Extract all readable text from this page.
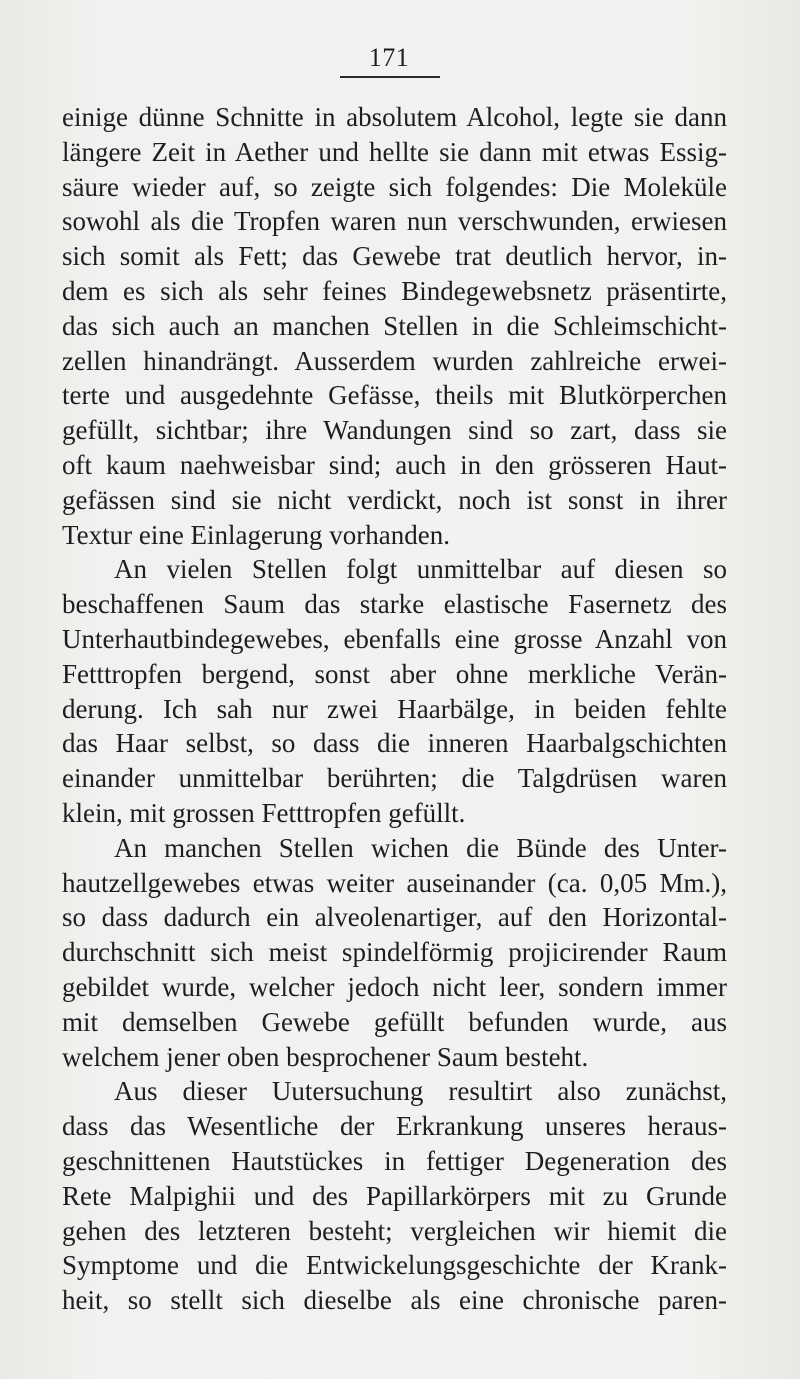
171
einige dünne Schnitte in absolutem Alcohol, legte sie dann
längere Zeit in Aether und hellte sie dann mit etwas Essig-
säure wieder auf, so zeigte sich folgendes: Die Moleküle
sowohl als die Tropfen waren nun verschwunden, erwiesen
sich somit als Fett; das Gewebe trat deutlich hervor, in-
dem es sich als sehr feines Bindegewebsnetz präsentirte,
das sich auch an manchen Stellen in die Schleimschicht-
zellen hinandrängt. Ausserdem wurden zahlreiche erwei-
terte und ausgedehnte Gefässe, theils mit Blutkörperchen
gefüllt, sichtbar; ihre Wandungen sind so zart, dass sie
oft kaum naehweisbar sind; auch in den grösseren Haut-
gefässen sind sie nicht verdickt, noch ist sonst in ihrer
Textur eine Einlagerung vorhanden.
An vielen Stellen folgt unmittelbar auf diesen so
beschaffenen Saum das starke elastische Fasernetz des
Unterhautbindegewebes, ebenfalls eine grosse Anzahl von
Fetttropfen bergend, sonst aber ohne merkliche Verän-
derung. Ich sah nur zwei Haarbälge, in beiden fehlte
das Haar selbst, so dass die inneren Haarbalgschichten
einander unmittelbar berührten; die Talgdrüsen waren
klein, mit grossen Fetttropfen gefüllt.
An manchen Stellen wichen die Bünde des Unter-
hautzellgewebes etwas weiter auseinander (ca. 0,05 Mm.),
so dass dadurch ein alveolenartiger, auf den Horizontal-
durchschnitt sich meist spindelförmig projicirender Raum
gebildet wurde, welcher jedoch nicht leer, sondern immer
mit demselben Gewebe gefüllt befunden wurde, aus
welchem jener oben besprochener Saum besteht.
Aus dieser Uutersuchung resultirt also zunächst,
dass das Wesentliche der Erkrankung unseres heraus-
geschnittenen Hautstückes in fettiger Degeneration des
Rete Malpighii und des Papillarkörpers mit zu Grunde
gehen des letzteren besteht; vergleichen wir hiemit die
Symptome und die Entwickelungsgeschichte der Krank-
heit, so stellt sich dieselbe als eine chronische paren-
